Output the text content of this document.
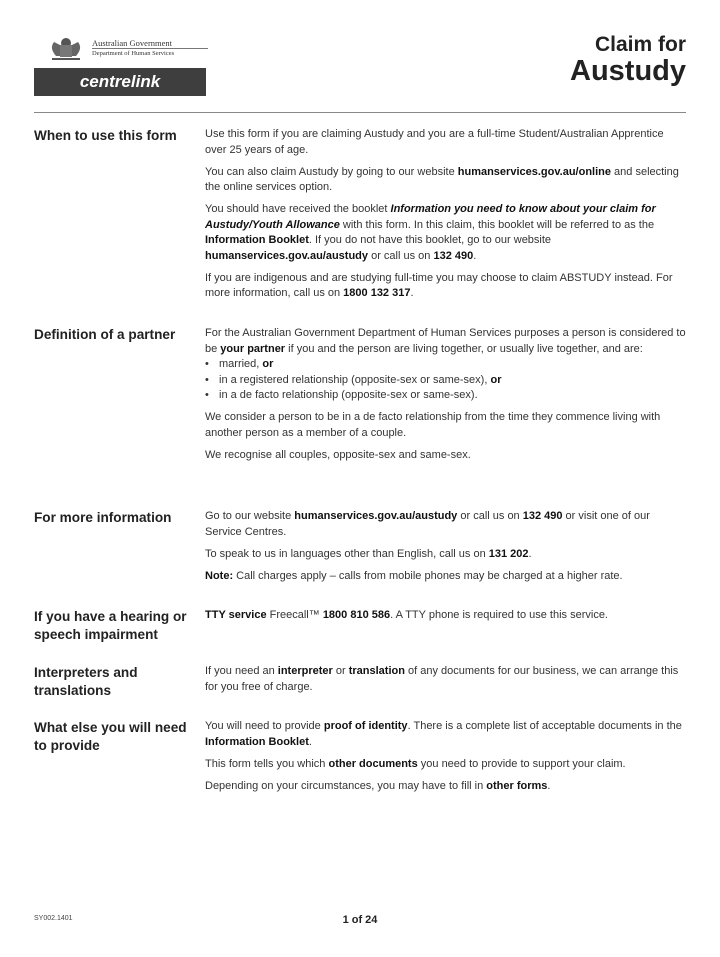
Australian Government
Department of Human Services
centrelink
Claim for
Austudy
When to use this form	Use this form if you are claiming Austudy and you are a full-time Student/Australian Apprentice over 25 years of age.

You can also claim Austudy by going to our website humanservices.gov.au/online and selecting the online services option.

You should have received the booklet Information you need to know about your claim for Austudy/Youth Allowance with this form. In this claim, this booklet will be referred to as the Information Booklet. If you do not have this booklet, go to our website humanservices.gov.au/austudy or call us on 132 490.

If you are indigenous and are studying full-time you may choose to claim ABSTUDY instead. For more information, call us on 1800 132 317.

Definition of a partner	For the Australian Government Department of Human Services purposes a person is considered to be your partner if you and the person are living together, or usually live together, and are:

• married, or
• in a registered relationship (opposite-sex or same-sex), or
• in a de facto relationship (opposite-sex or same-sex).

We consider a person to be in a de facto relationship from the time they commence living with another person as a member of a couple.

We recognise all couples, opposite-sex and same-sex.

For more information	Go to our website humanservices.gov.au/austudy or call us on 132 490 or visit one of our Service Centres.

To speak to us in languages other than English, call us on 131 202.

Note: Call charges apply – calls from mobile phones may be charged at a higher rate.

If you have a hearing or speech impairment

TTY service Freecall™ 1800 810 586. A TTY phone is required to use this service.

Interpreters and translations

If you need an interpreter or translation of any documents for our business, we can arrange this for you free of charge.

What else you will need to provide

You will need to provide proof of identity. There is a complete list of acceptable documents in the Information Booklet.

This form tells you which other documents you need to provide to support your claim.

Depending on your circumstances, you may have to fill in other forms.

SY002.1401	1 of 24
